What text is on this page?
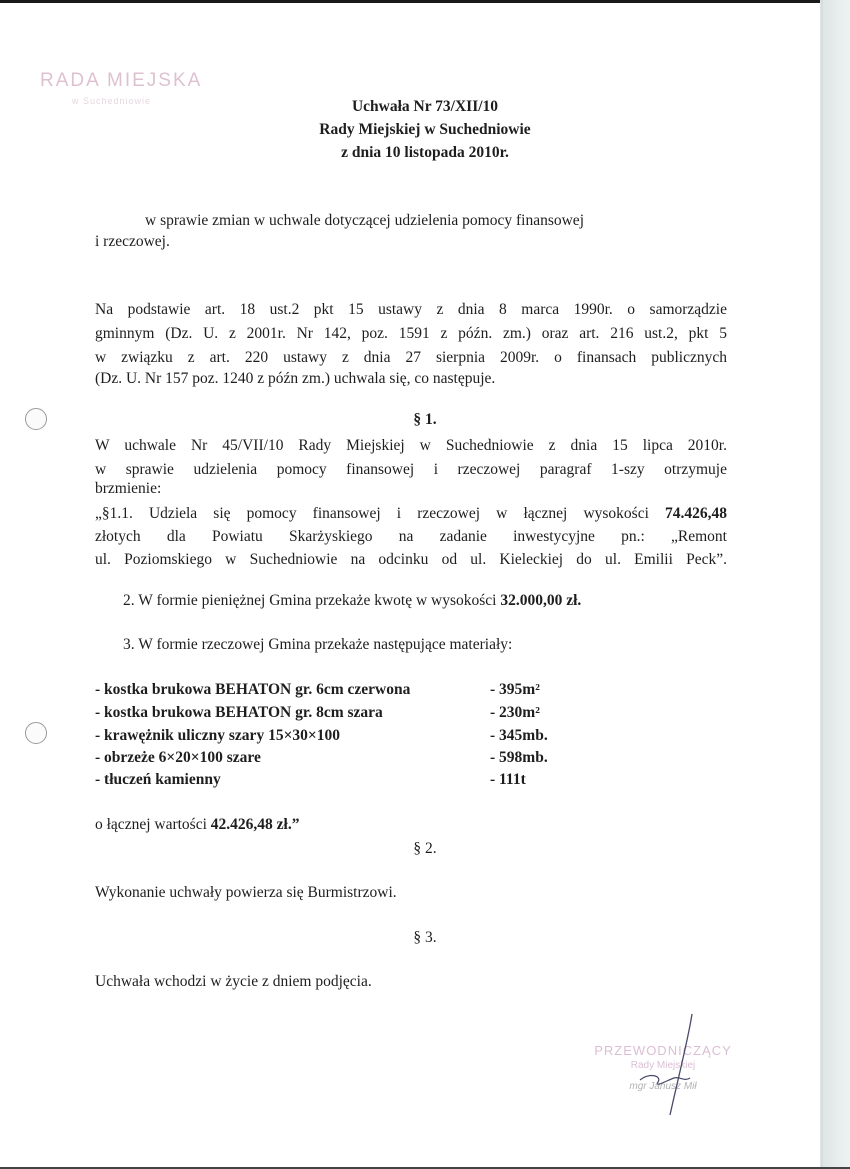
RADA MIEJSKA
w Suchedniowie	Uchwała Nr 73/XII/10
Rady Miejskiej w Suchedniowie
z dnia 10 listopada 2010r.
w sprawie zmian w uchwale dotyczącej udzielenia pomocy finansowej
i rzeczowej.
Na podstawie art. 18 ust.2 pkt 15 ustawy z dnia 8 marca 1990r. o samorządzie
gminnym (Dz. U. z 2001r. Nr 142, poz. 1591 z późn. zm.) oraz art. 216 ust.2, pkt 5
w związku z art. 220 ustawy z dnia 27 sierpnia 2009r. o finansach publicznych
(Dz. U. Nr 157 poz. 1240 z późn zm.) uchwala się, co następuje.
§ 1.
W uchwale Nr 45/VII/10 Rady Miejskiej w Suchedniowie z dnia 15 lipca 2010r.
w sprawie udzielenia pomocy finansowej i rzeczowej paragraf 1-szy otrzymuje
brzmienie:
„§1.1. Udziela się pomocy finansowej i rzeczowej w łącznej wysokości 74.426,48
złotych dla Powiatu Skarżyskiego na zadanie inwestycyjne pn.: „Remont
ul. Poziomskiego w Suchedniowie na odcinku od ul. Kieleckiej do ul. Emilii Peck”.
2. W formie pieniężnej Gmina przekaże kwotę w wysokości 32.000,00 zł.
3. W formie rzeczowej Gmina przekaże następujące materiały:
- kostka brukowa BEHATON gr. 6cm czerwona	- 395m²
- kostka brukowa BEHATON gr. 8cm szara	- 230m²
- krawężnik uliczny szary 15×30×100	- 345mb.
- obrzeże 6×20×100 szare	- 598mb.
- tłuczeń kamienny	- 111t
o łącznej wartości 42.426,48 zł.”
§ 2.
Wykonanie uchwały powierza się Burmistrzowi.
§ 3.
Uchwała wchodzi w życie z dniem podjęcia.
PRZEWODNICZĄCY
Rady Miejskiej
mgr Janusz Mił
